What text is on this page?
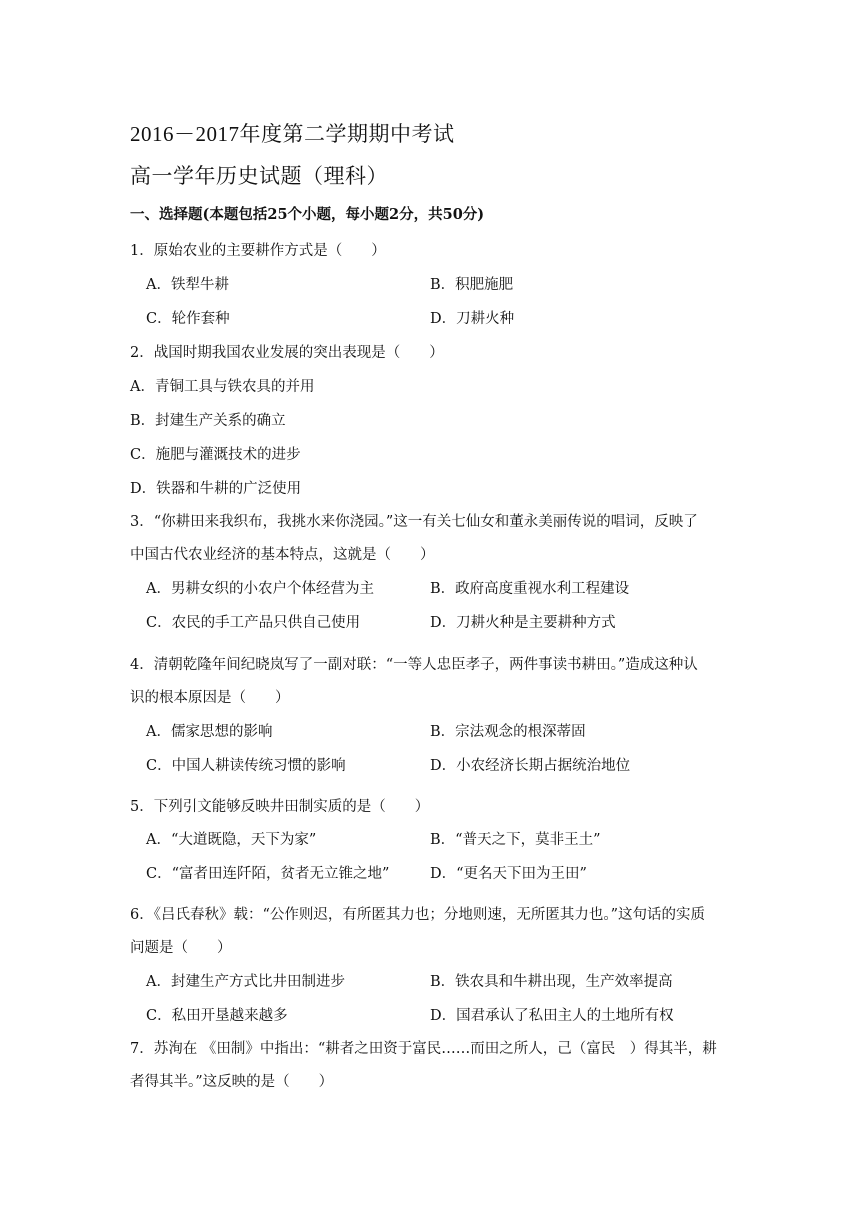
2016－2017年度第二学期期中考试
高一学年历史试题（理科）
一、选择题(本题包括25个小题，每小题2分，共50分)
1．原始农业的主要耕作方式是（　　）
A．铁犁牛耕	B．积肥施肥
C．轮作套种	D．刀耕火种
2．战国时期我国农业发展的突出表现是（　　）
A．青铜工具与铁农具的并用
B．封建生产关系的确立
C．施肥与灌溉技术的进步
D．铁器和牛耕的广泛使用
3．“你耕田来我织布，我挑水来你浇园。”这一有关七仙女和董永美丽传说的唱词，反映了
中国古代农业经济的基本特点，这就是（　　）
A．男耕女织的小农户个体经营为主	B．政府高度重视水利工程建设
C．农民的手工产品只供自己使用	D．刀耕火种是主要耕种方式
4．清朝乾隆年间纪晓岚写了一副对联：“一等人忠臣孝子，两件事读书耕田。”造成这种认
识的根本原因是（　　）
A．儒家思想的影响	B．宗法观念的根深蒂固
C．中国人耕读传统习惯的影响	D．小农经济长期占据统治地位
5．下列引文能够反映井田制实质的是（　　）
A．“大道既隐，天下为家”	B．“普天之下，莫非王土”
C．“富者田连阡陌，贫者无立锥之地”	D．“更名天下田为王田”
6．《吕氏春秋》载：“公作则迟，有所匿其力也；分地则速，无所匿其力也。”这句话的实质
问题是（　　）
A．封建生产方式比井田制进步	B．铁农具和牛耕出现，生产效率提高
C．私田开垦越来越多	D．国君承认了私田主人的土地所有权
7．苏洵在 《田制》中指出：“耕者之田资于富民……而田之所人，己（富民　）得其半，耕
者得其半。”这反映的是（　　）
